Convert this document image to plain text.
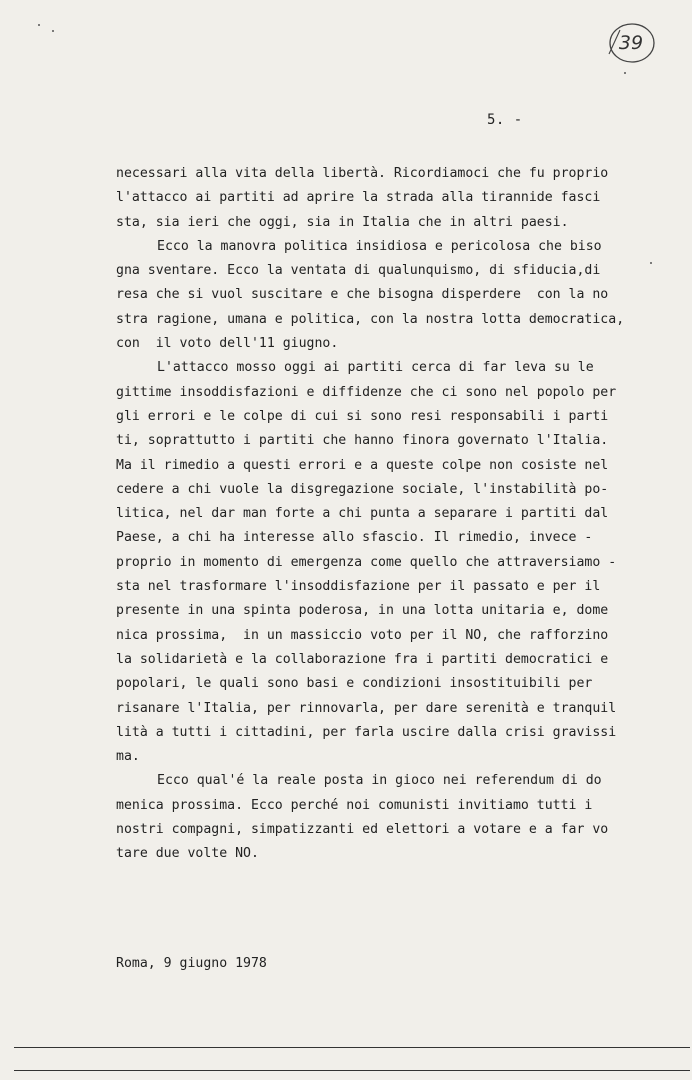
39
5. -
necessari alla vita della libertà. Ricordiamoci che fu proprio
l'attacco ai partiti ad aprire la strada alla tirannide fasci
sta, sia ieri che oggi, sia in Italia che in altri paesi.
Ecco la manovra politica insidiosa e pericolosa che biso
gna sventare. Ecco la ventata di qualunquismo, di sfiducia,di
resa che si vuol suscitare e che bisogna disperdere  con la no
stra ragione, umana e politica, con la nostra lotta democratica,
con  il voto dell'11 giugno.
L'attacco mosso oggi ai partiti cerca di far leva su le
gittime insoddisfazioni e diffidenze che ci sono nel popolo per
gli errori e le colpe di cui si sono resi responsabili i parti
ti, soprattutto i partiti che hanno finora governato l'Italia.
Ma il rimedio a questi errori e a queste colpe non cosiste nel
cedere a chi vuole la disgregazione sociale, l'instabilità po-
litica, nel dar man forte a chi punta a separare i partiti dal
Paese, a chi ha interesse allo sfascio. Il rimedio, invece -
proprio in momento di emergenza come quello che attraversiamo -
sta nel trasformare l'insoddisfazione per il passato e per il
presente in una spinta poderosa, in una lotta unitaria e, dome
nica prossima,  in un massiccio voto per il NO, che rafforzino
la solidarietà e la collaborazione fra i partiti democratici e
popolari, le quali sono basi e condizioni insostituibili per
risanare l'Italia, per rinnovarla, per dare serenità e tranquil
lità a tutti i cittadini, per farla uscire dalla crisi gravissi
ma.
Ecco qual'é la reale posta in gioco nei referendum di do
menica prossima. Ecco perché noi comunisti invitiamo tutti i
nostri compagni, simpatizzanti ed elettori a votare e a far vo
tare due volte NO.
Roma, 9 giugno 1978
